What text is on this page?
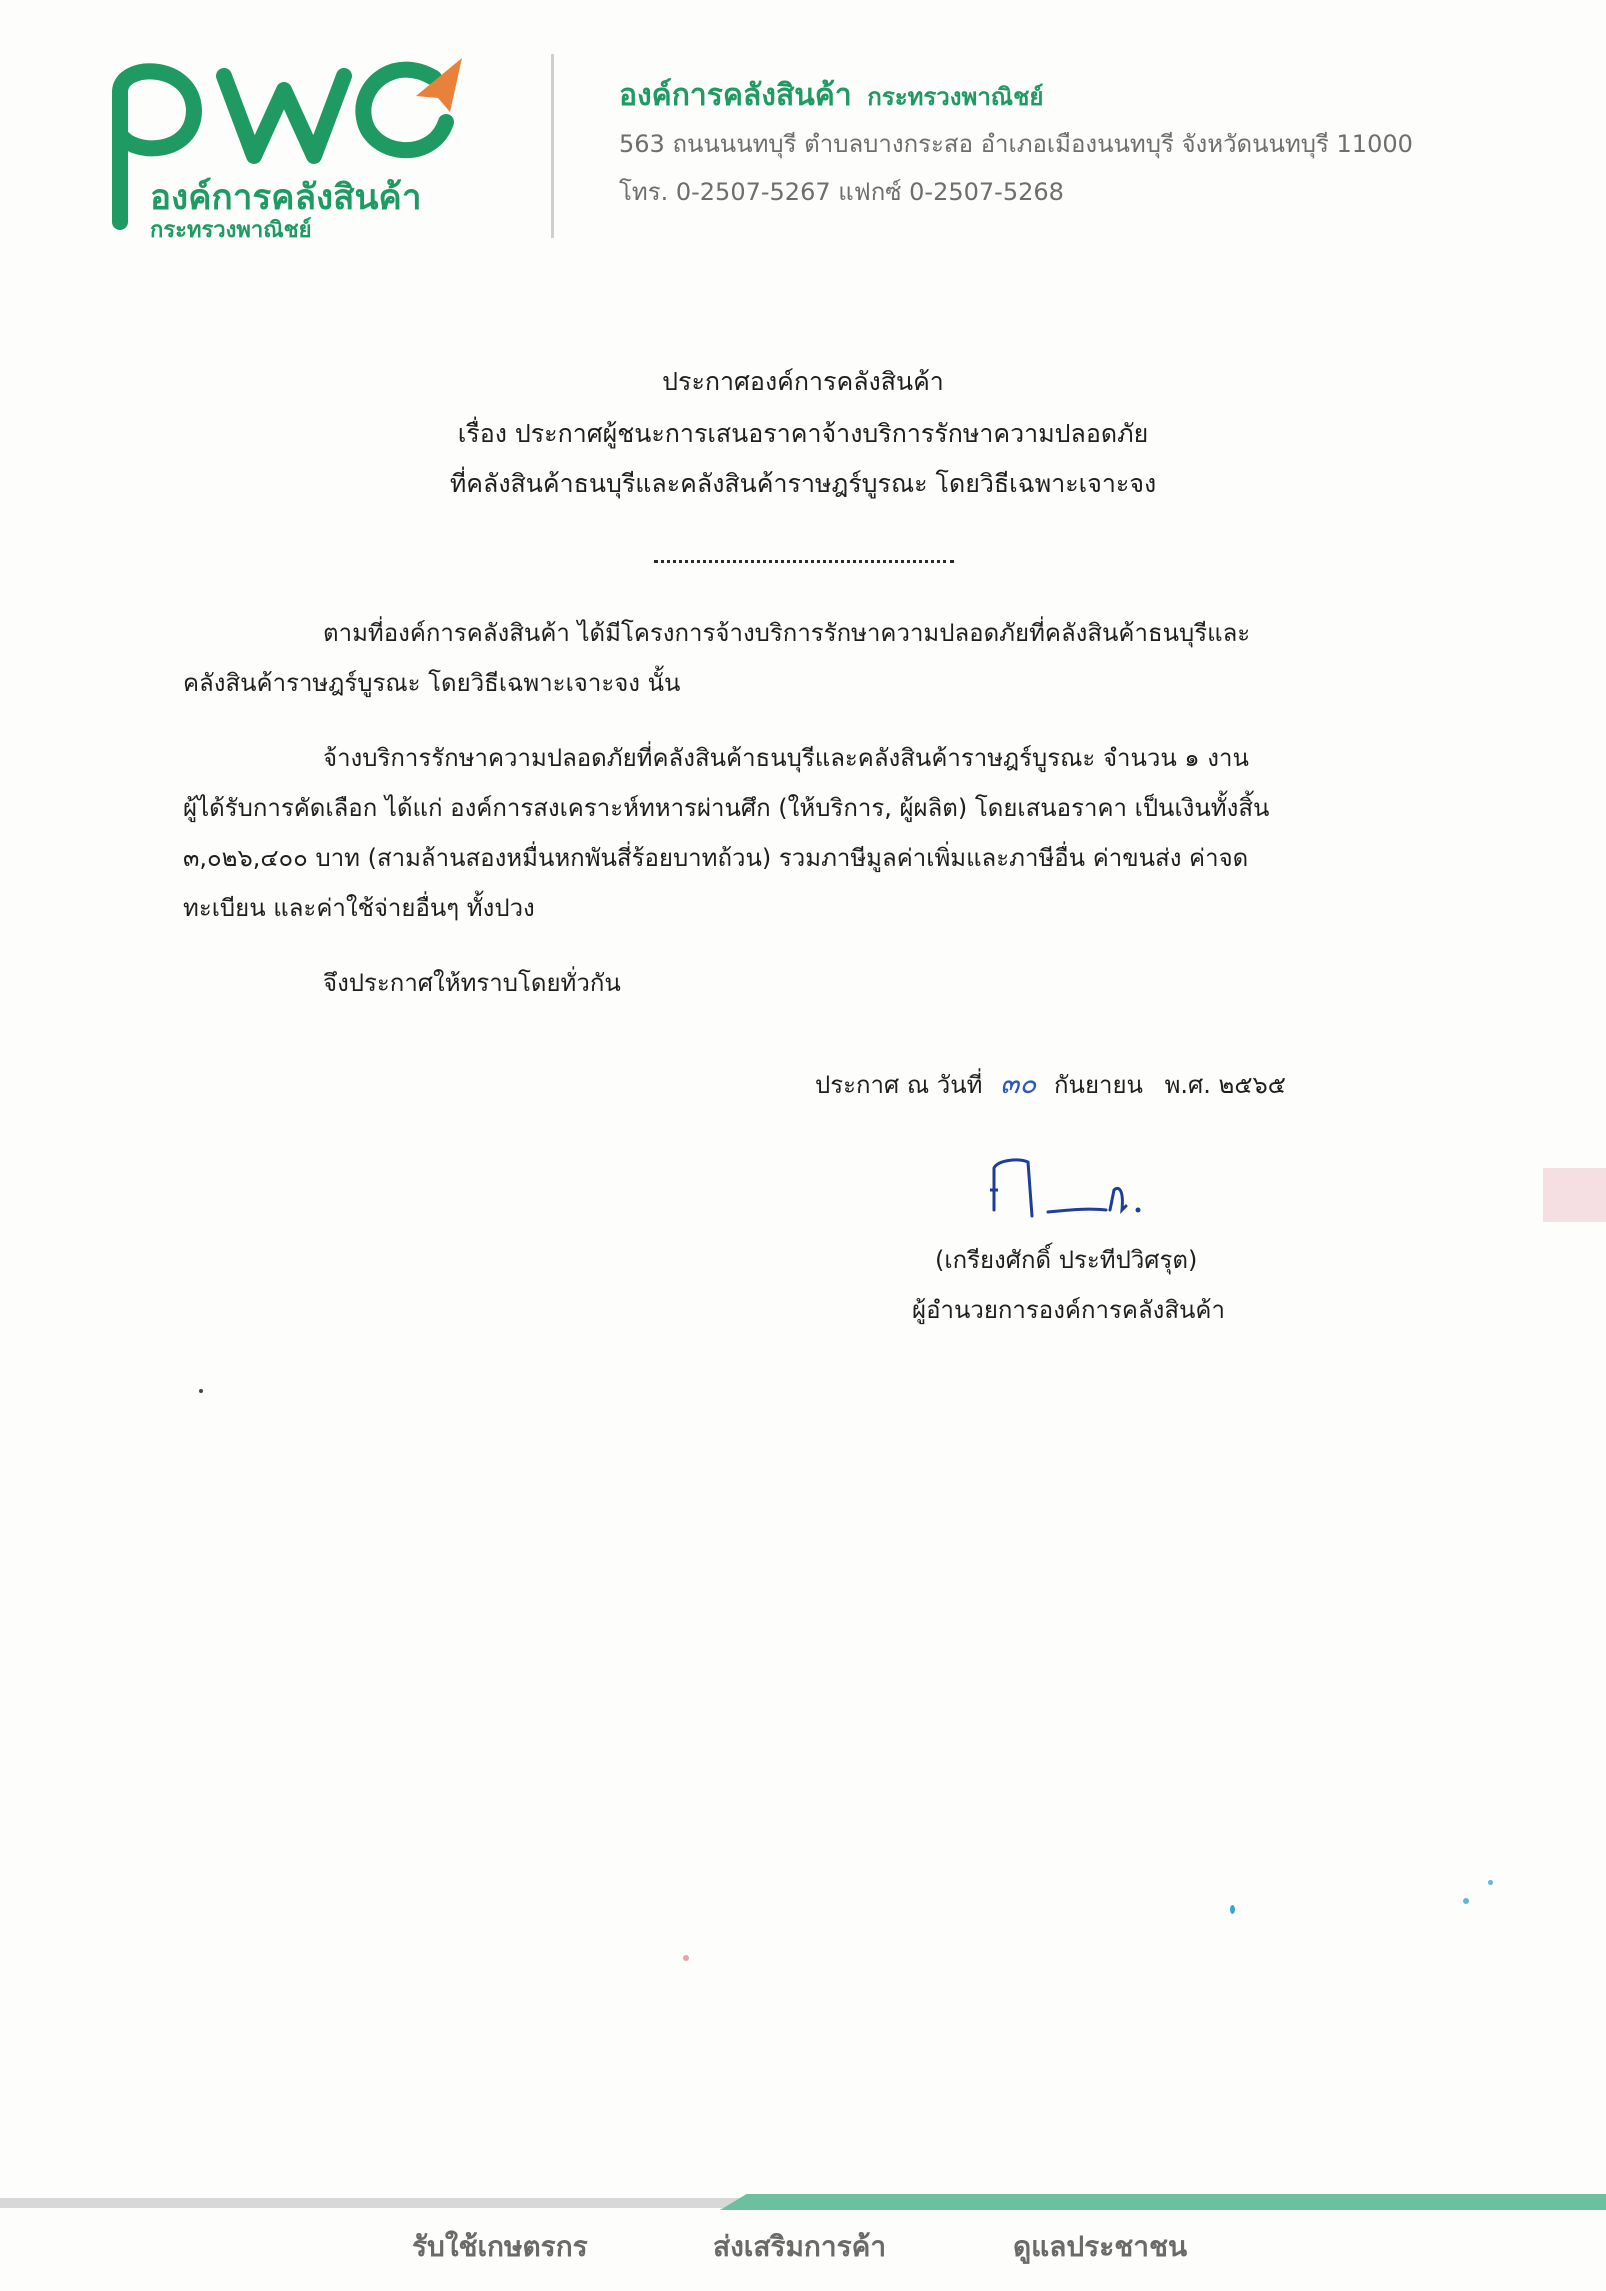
องค์การคลังสินค้า
กระทรวงพาณิชย์
องค์การคลังสินค้า กระทรวงพาณิชย์
563 ถนนนนทบุรี ตำบลบางกระสอ อำเภอเมืองนนทบุรี จังหวัดนนทบุรี 11000
โทร. 0-2507-5267 แฟกซ์ 0-2507-5268
ประกาศองค์การคลังสินค้า
เรื่อง ประกาศผู้ชนะการเสนอราคาจ้างบริการรักษาความปลอดภัย
ที่คลังสินค้าธนบุรีและคลังสินค้าราษฎร์บูรณะ โดยวิธีเฉพาะเจาะจง
ตามที่องค์การคลังสินค้า ได้มีโครงการจ้างบริการรักษาความปลอดภัยที่คลังสินค้าธนบุรีและ
คลังสินค้าราษฎร์บูรณะ โดยวิธีเฉพาะเจาะจง นั้น
จ้างบริการรักษาความปลอดภัยที่คลังสินค้าธนบุรีและคลังสินค้าราษฎร์บูรณะ จำนวน ๑ งาน
ผู้ได้รับการคัดเลือก ได้แก่ องค์การสงเคราะห์ทหารผ่านศึก (ให้บริการ, ผู้ผลิต) โดยเสนอราคา เป็นเงินทั้งสิ้น
๓,๐๒๖,๔๐๐ บาท (สามล้านสองหมื่นหกพันสี่ร้อยบาทถ้วน) รวมภาษีมูลค่าเพิ่มและภาษีอื่น ค่าขนส่ง ค่าจด
ทะเบียน และค่าใช้จ่ายอื่นๆ ทั้งปวง
จึงประกาศให้ทราบโดยทั่วกัน
ประกาศ ณ วันที่ ๓๐ กันยายน พ.ศ. ๒๕๖๕
(เกรียงศักดิ์ ประทีปวิศรุต)
ผู้อำนวยการองค์การคลังสินค้า
รับใช้เกษตรกร	ส่งเสริมการค้า	ดูแลประชาชน
